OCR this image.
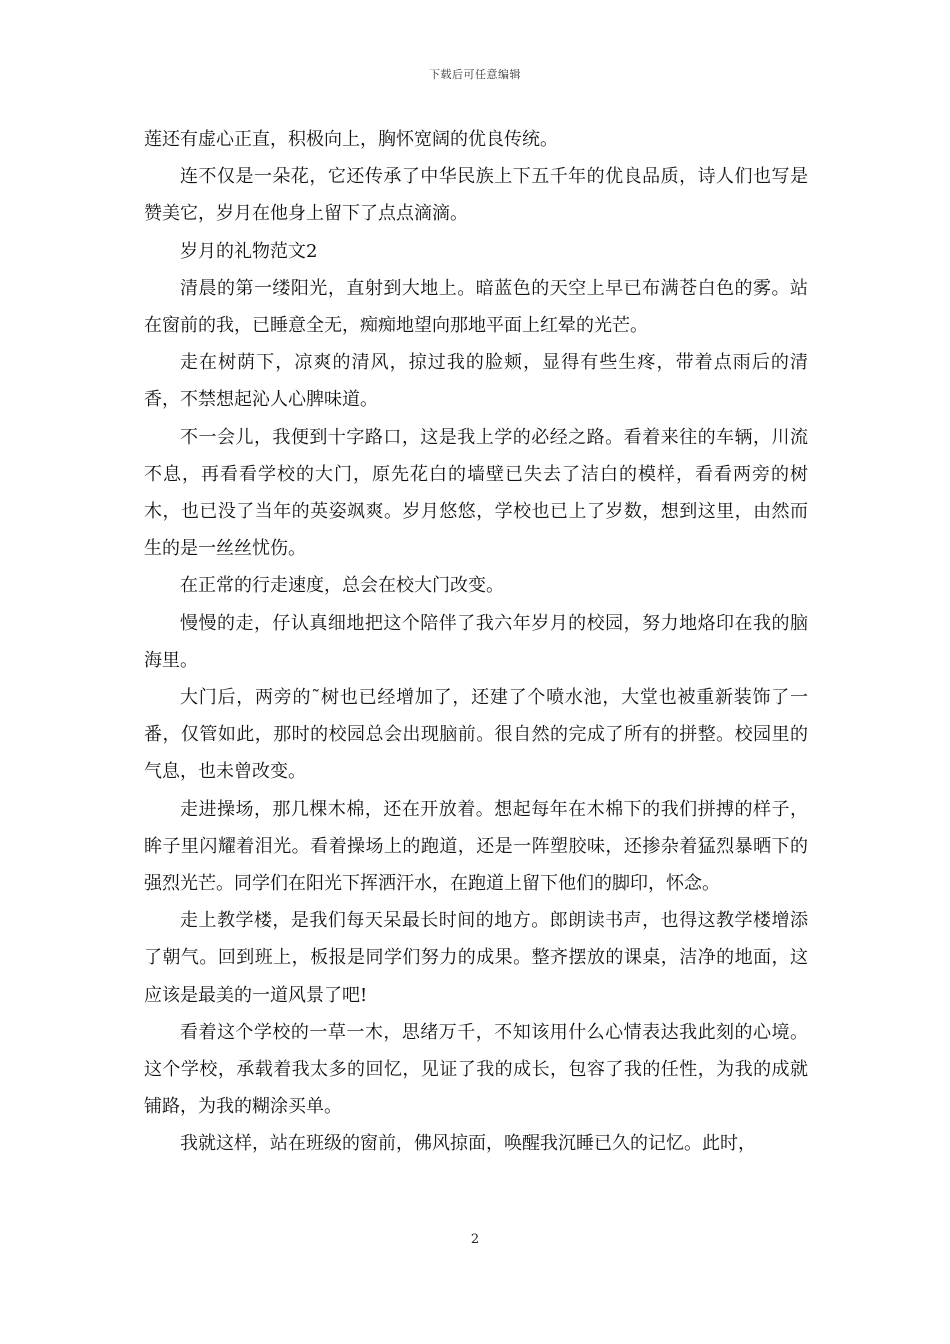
下载后可任意编辑

莲还有虚心正直，积极向上，胸怀宽阔的优良传统。

连不仅是一朵花，它还传承了中华民族上下五千年的优良品质，诗人们也写是赞美它，岁月在他身上留下了点点滴滴。

岁月的礼物范文2

清晨的第一缕阳光，直射到大地上。暗蓝色的天空上早已布满苍白色的雾。站在窗前的我，已睡意全无，痴痴地望向那地平面上红晕的光芒。

走在树荫下，凉爽的清风，掠过我的脸颊，显得有些生疼，带着点雨后的清香，不禁想起沁人心脾味道。

不一会儿，我便到十字路口，这是我上学的必经之路。看着来往的车辆，川流不息，再看看学校的大门，原先花白的墙壁已失去了洁白的模样，看看两旁的树木，也已没了当年的英姿飒爽。岁月悠悠，学校也已上了岁数，想到这里，由然而生的是一丝丝忧伤。

在正常的行走速度，总会在校大门改变。

慢慢的走，仔认真细地把这个陪伴了我六年岁月的校园，努力地烙印在我的脑海里。

大门后，两旁的˜树也已经增加了，还建了个喷水池，大堂也被重新装饰了一番，仅管如此，那时的校园总会出现脑前。很自然的完成了所有的拼整。校园里的气息，也未曾改变。

走进操场，那几棵木棉，还在开放着。想起每年在木棉下的我们拼搏的样子，眸子里闪耀着泪光。看着操场上的跑道，还是一阵塑胶味，还掺杂着猛烈暴晒下的强烈光芒。同学们在阳光下挥洒汗水，在跑道上留下他们的脚印，怀念。

走上教学楼，是我们每天呆最长时间的地方。郎朗读书声，也得这教学楼增添了朝气。回到班上，板报是同学们努力的成果。整齐摆放的课桌，洁净的地面，这应该是最美的一道风景了吧!

看着这个学校的一草一木，思绪万千，不知该用什么心情表达我此刻的心境。这个学校，承载着我太多的回忆，见证了我的成长，包容了我的任性，为我的成就铺路，为我的糊涂买单。

我就这样，站在班级的窗前，佛风掠面，唤醒我沉睡已久的记忆。此时，

2
